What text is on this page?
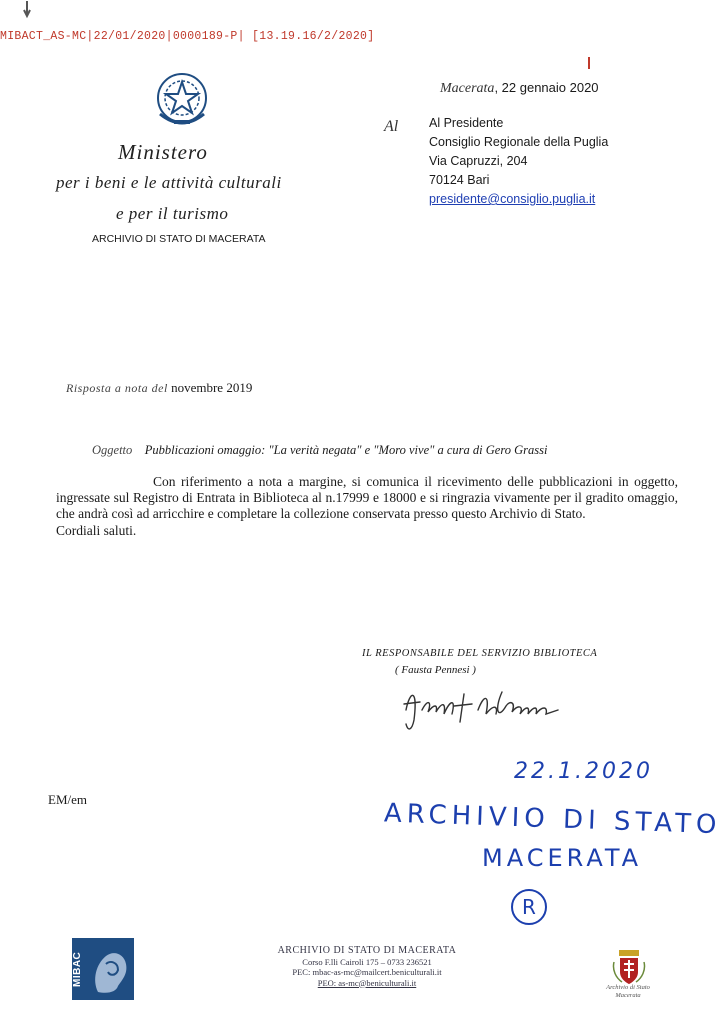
MIBACT_AS-MC|22/01/2020|0000189-P| [13.19.16/2/2020]
Ministero
per i beni e le attività culturali
e per il turismo
ARCHIVIO DI STATO DI MACERATA
Macerata, 22 gennaio 2020
Al Al Presidente
Consiglio Regionale della Puglia
Via Capruzzi, 204
70124 Bari
presidente@consiglio.puglia.it
Risposta a nota del novembre 2019
Oggetto Pubblicazioni omaggio: "La verità negata" e "Moro vive" a cura di Gero Grassi

Con riferimento a nota a margine, si comunica il ricevimento delle pubblicazioni in oggetto, ingressate sul Registro di Entrata in Biblioteca al n.17999 e 18000 e si ringrazia vivamente per il gradito omaggio, che andrà così ad arricchire e completare la collezione conservata presso questo Archivio di Stato.

Cordiali saluti.

IL RESPONSABILE DEL SERVIZIO BIBLIOTECA
( Fausta Pennesi )
EM/em
22.1.2020
ARCHIVIO DI STATO
MACERATA
R
MIBAC
ARCHIVIO DI STATO DI MACERATA
Corso F.lli Cairoli 175 – 0733 236521
PEC: mbac-as-mc@mailcert.beniculturali.it
PEO: as-mc@beniculturali.it	Archivio di Stato Macerata
